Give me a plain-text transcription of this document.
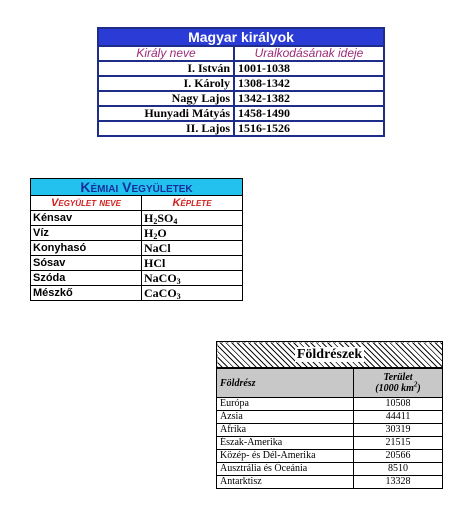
Magyar királyok	
Király neve	Uralkodásának ideje
I. István	1001-1038
I. Károly	1308-1342
Nagy Lajos	1342-1382
Hunyadi Mátyás	1458-1490
II. Lajos	1516-1526
Kémiai Vegyületek	
Vegyület neve	Képlete
Kénsav	$H_2SO_4$
Víz	$H_2O$
Konyhasó	NaCl
Sósav	HCl
Szóda	NaCO$_3$
Mészkő	CaCO$_3$
Földrészek	
Földrész	Terület
(1000 $km^2$)
Európa	10508
Ázsia	44411
Afrika	30319
Észak-Amerika	21515
Közép- és Dél-Amerika	20566
Ausztrália és Óceánia	8510
Antarktisz	13328
